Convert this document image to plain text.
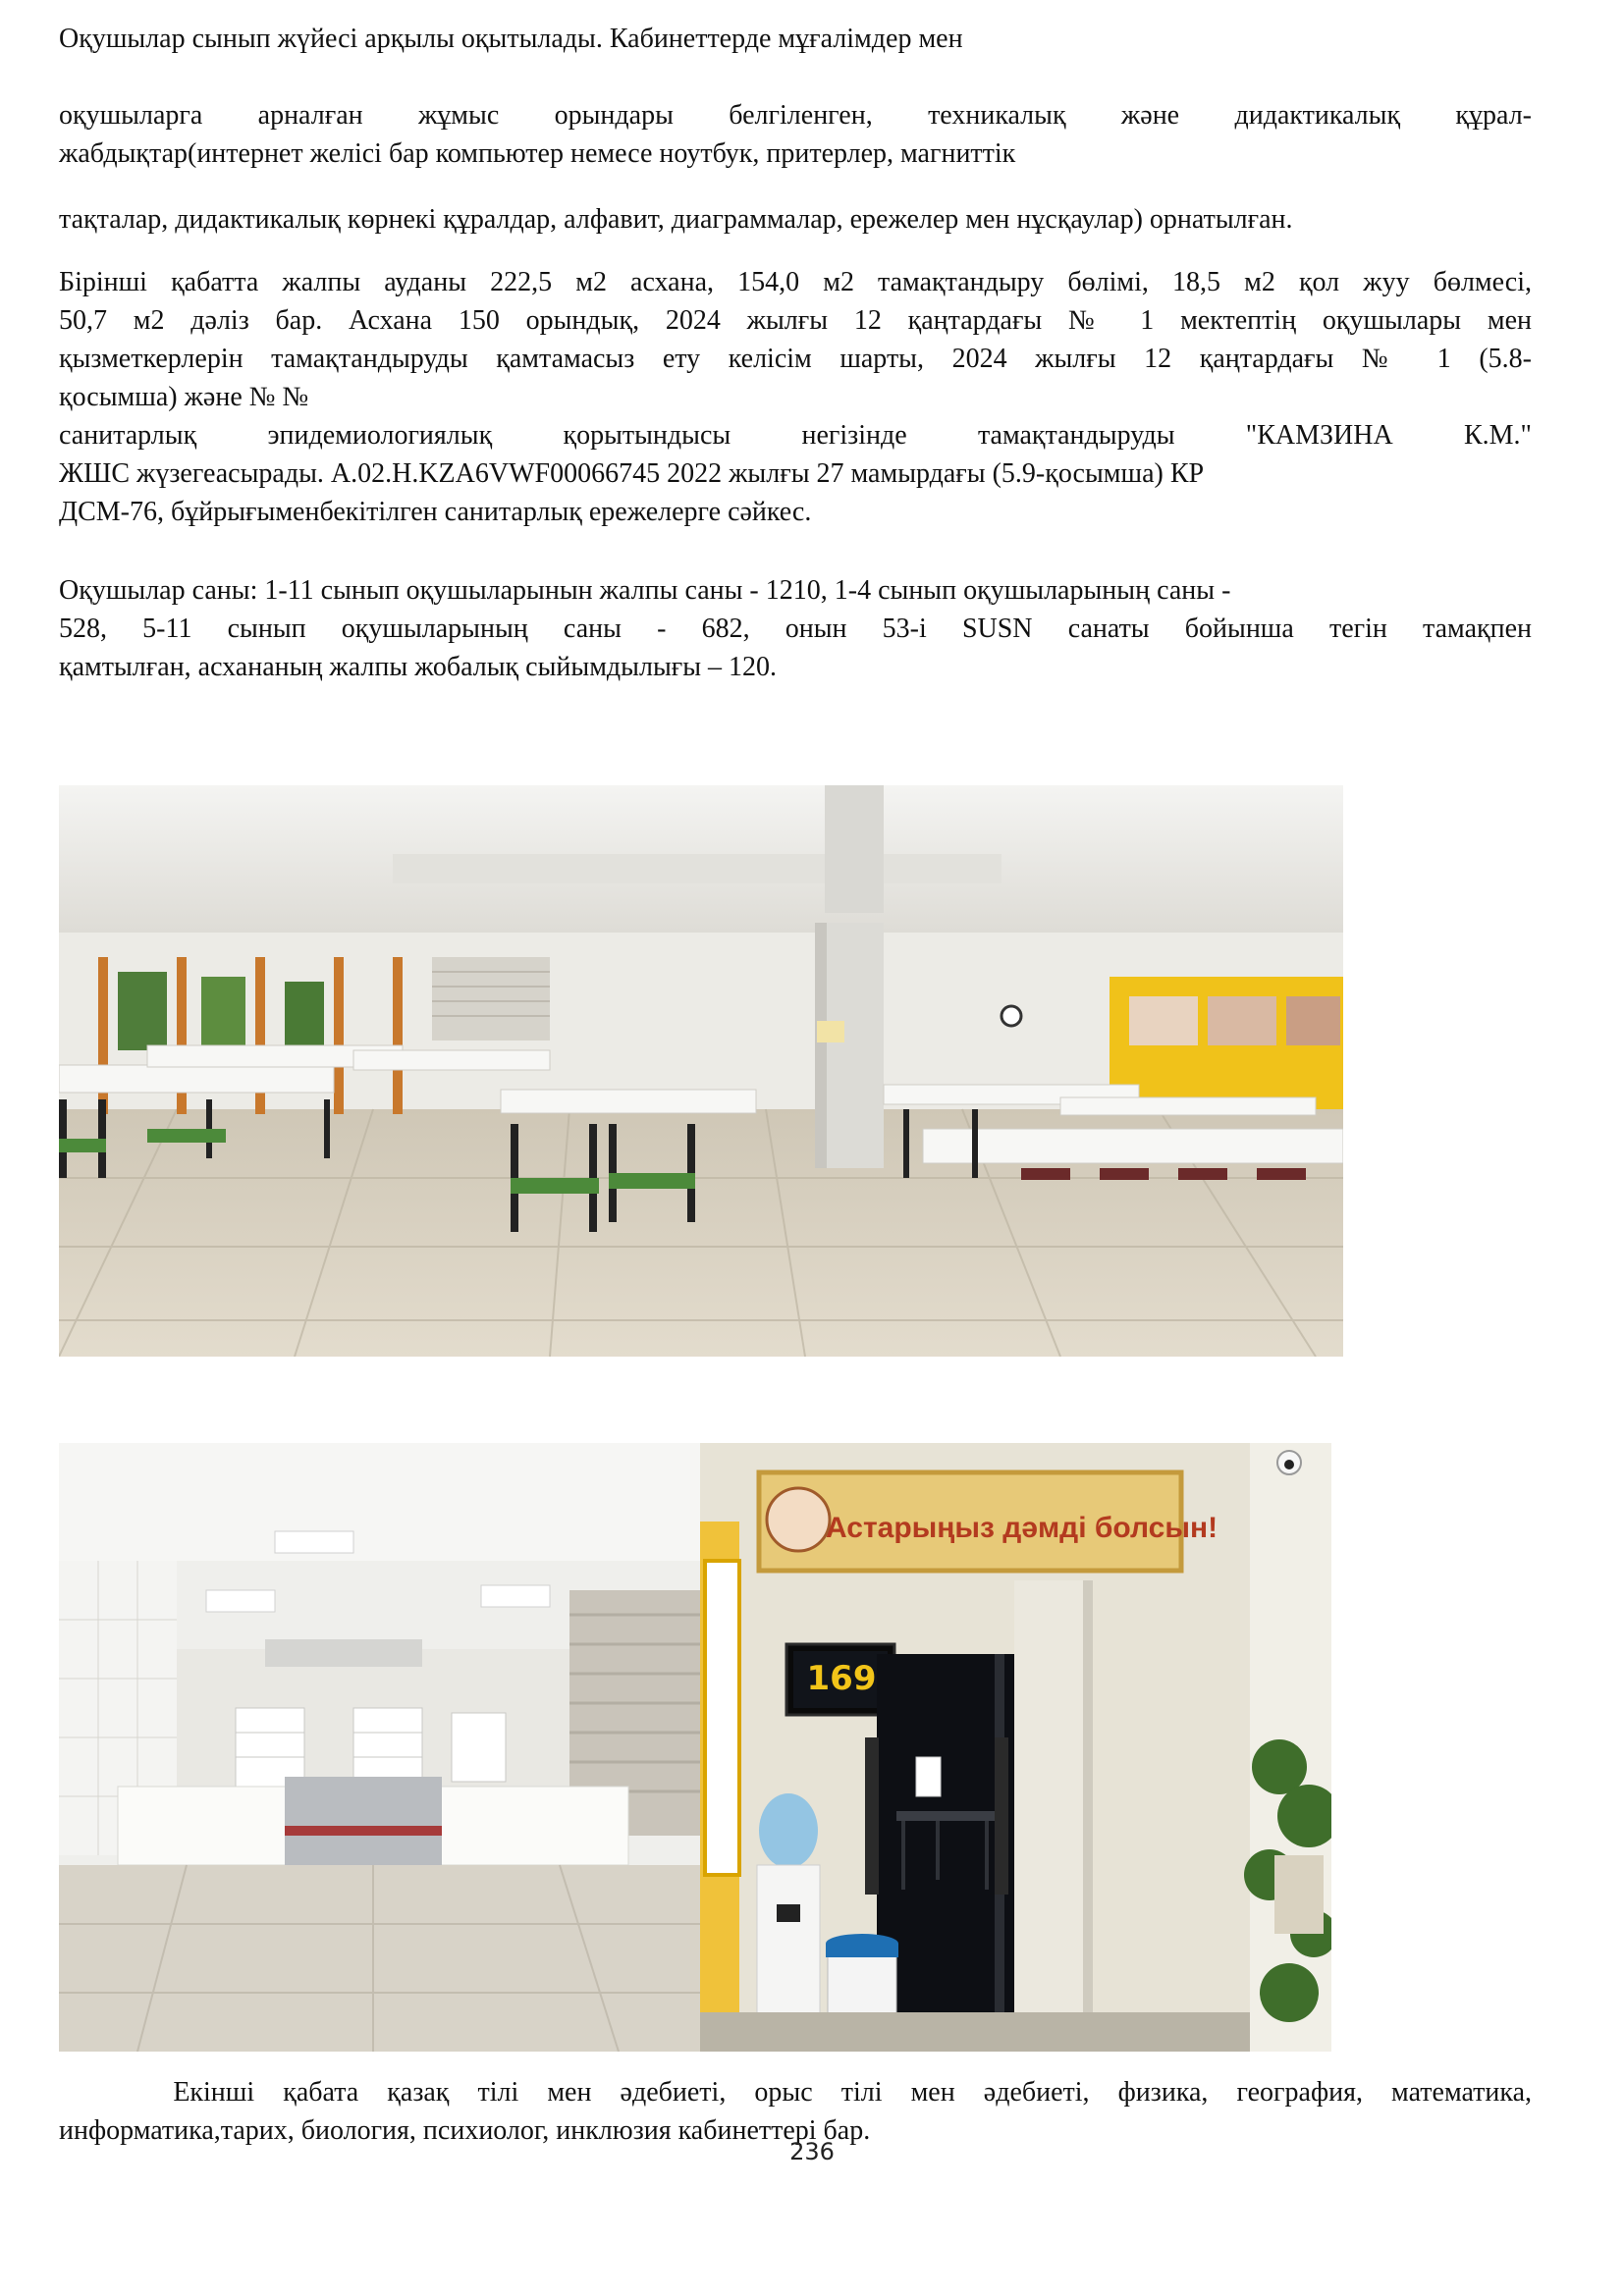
Оқушылар сынып жүйесі арқылы оқытылады. Кабинеттерде мұғалімдер мен

оқушыларга арналған жұмыс орындары белгіленген, техникалық және дидактикалық құрал-
жабдықтар(интернет желісі бар компьютер немесе ноутбук, притерлер, магниттік

тақталар, дидактикалық көрнекі құралдар, алфавит, диаграммалар, ережелер мен нұсқаулар) орнатылған.

Бірінші қабатта жалпы ауданы 222,5 м2 асхана, 154,0 м2 тамақтандыру бөлімі, 18,5 м2 қол жуу бөлмесі,
50,7 м2 дәліз бар. Асхана 150 орындық, 2024 жылғы 12 қаңтардағы № 1 мектептің оқушылары мен
қызметкерлерін тамақтандыруды қамтамасыз ету келісім шарты, 2024 жылғы 12 қаңтардағы № 1 (5.8-
қосымша) және № №
санитарлық эпидемиологиялық қорытындысы негізінде тамақтандыруды "КАМЗИНА К.М."
ЖШС жүзегеасырады. А.02.Н.KZA6VWF00066745 2022 жылғы 27 мамырдағы (5.9-қосымша) КР
ДСМ-76, бұйрығыменбекітілген санитарлық ережелерге сәйкес.

Оқушылар саны: 1-11 сынып оқушыларынын жалпы саны - 1210, 1-4 сынып оқушыларының саны -
528, 5-11 сынып оқушыларының саны - 682, онын 53-i SUSN санаты бойынша тегін тамақпен
қамтылған, асхананың жалпы жобалық сыйымдылығы – 120.

Астарыңыз дәмді болсын!
169

Екінші қабата қазақ тілі мен әдебиеті, орыс тілі мен әдебиеті, физика, география, математика,
информатика,тарих, биология, психиолог, инклюзия кабинеттері бар.

236
